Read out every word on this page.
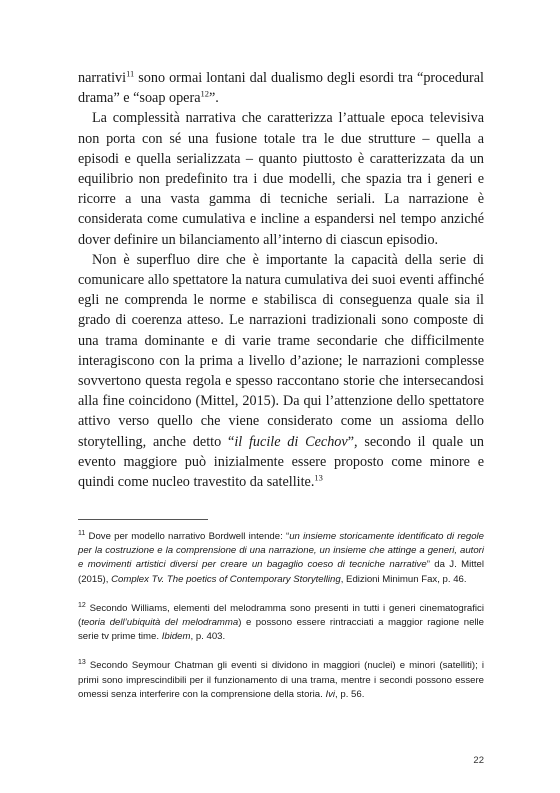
narrativi$^{11}$ sono ormai lontani dal dualismo degli esordi tra “procedural drama” e “soap opera$^{12}$”.

La complessità narrativa che caratterizza l’attuale epoca televisiva non porta con sé una fusione totale tra le due strutture – quella a episodi e quella serializzata – quanto piuttosto è caratterizzata da un equilibrio non predefinito tra i due modelli, che spazia tra i generi e ricorre a una vasta gamma di tecniche seriali. La narrazione è considerata come cumulativa e incline a espandersi nel tempo anziché dover definire un bilanciamento all’interno di ciascun episodio.

Non è superfluo dire che è importante la capacità della serie di comunicare allo spettatore la natura cumulativa dei suoi eventi affinché egli ne comprenda le norme e stabilisca di conseguenza quale sia il grado di coerenza atteso. Le narrazioni tradizionali sono composte di una trama dominante e di varie trame secondarie che difficilmente interagiscono con la prima a livello d’azione; le narrazioni complesse sovvertono questa regola e spesso raccontano storie che intersecandosi alla fine coincidono (Mittel, 2015). Da qui l’attenzione dello spettatore attivo verso quello che viene considerato come un assioma dello storytelling, anche detto “il fucile di Cechov”, secondo il quale un evento maggiore può inizialmente essere proposto come minore e quindi come nucleo travestito da satellite.$^{13}$

$^{11}$ Dove per modello narrativo Bordwell intende: “un insieme storicamente identificato di regole per la costruzione e la comprensione di una narrazione, un insieme che attinge a generi, autori e movimenti artistici diversi per creare un bagaglio coeso di tecniche narrative” da J. Mittel (2015), Complex Tv. The poetics of Contemporary Storytelling, Edizioni Minimun Fax, p. 46.

$^{12}$ Secondo Williams, elementi del melodramma sono presenti in tutti i generi cinematografici (teoria dell’ubiquità del melodramma) e possono essere rintracciati a maggior ragione nelle serie tv prime time. Ibidem, p. 403.

$^{13}$ Secondo Seymour Chatman gli eventi si dividono in maggiori (nuclei) e minori (satelliti); i primi sono imprescindibili per il funzionamento di una trama, mentre i secondi possono essere omessi senza interferire con la comprensione della storia. Ivi, p. 56.

22
